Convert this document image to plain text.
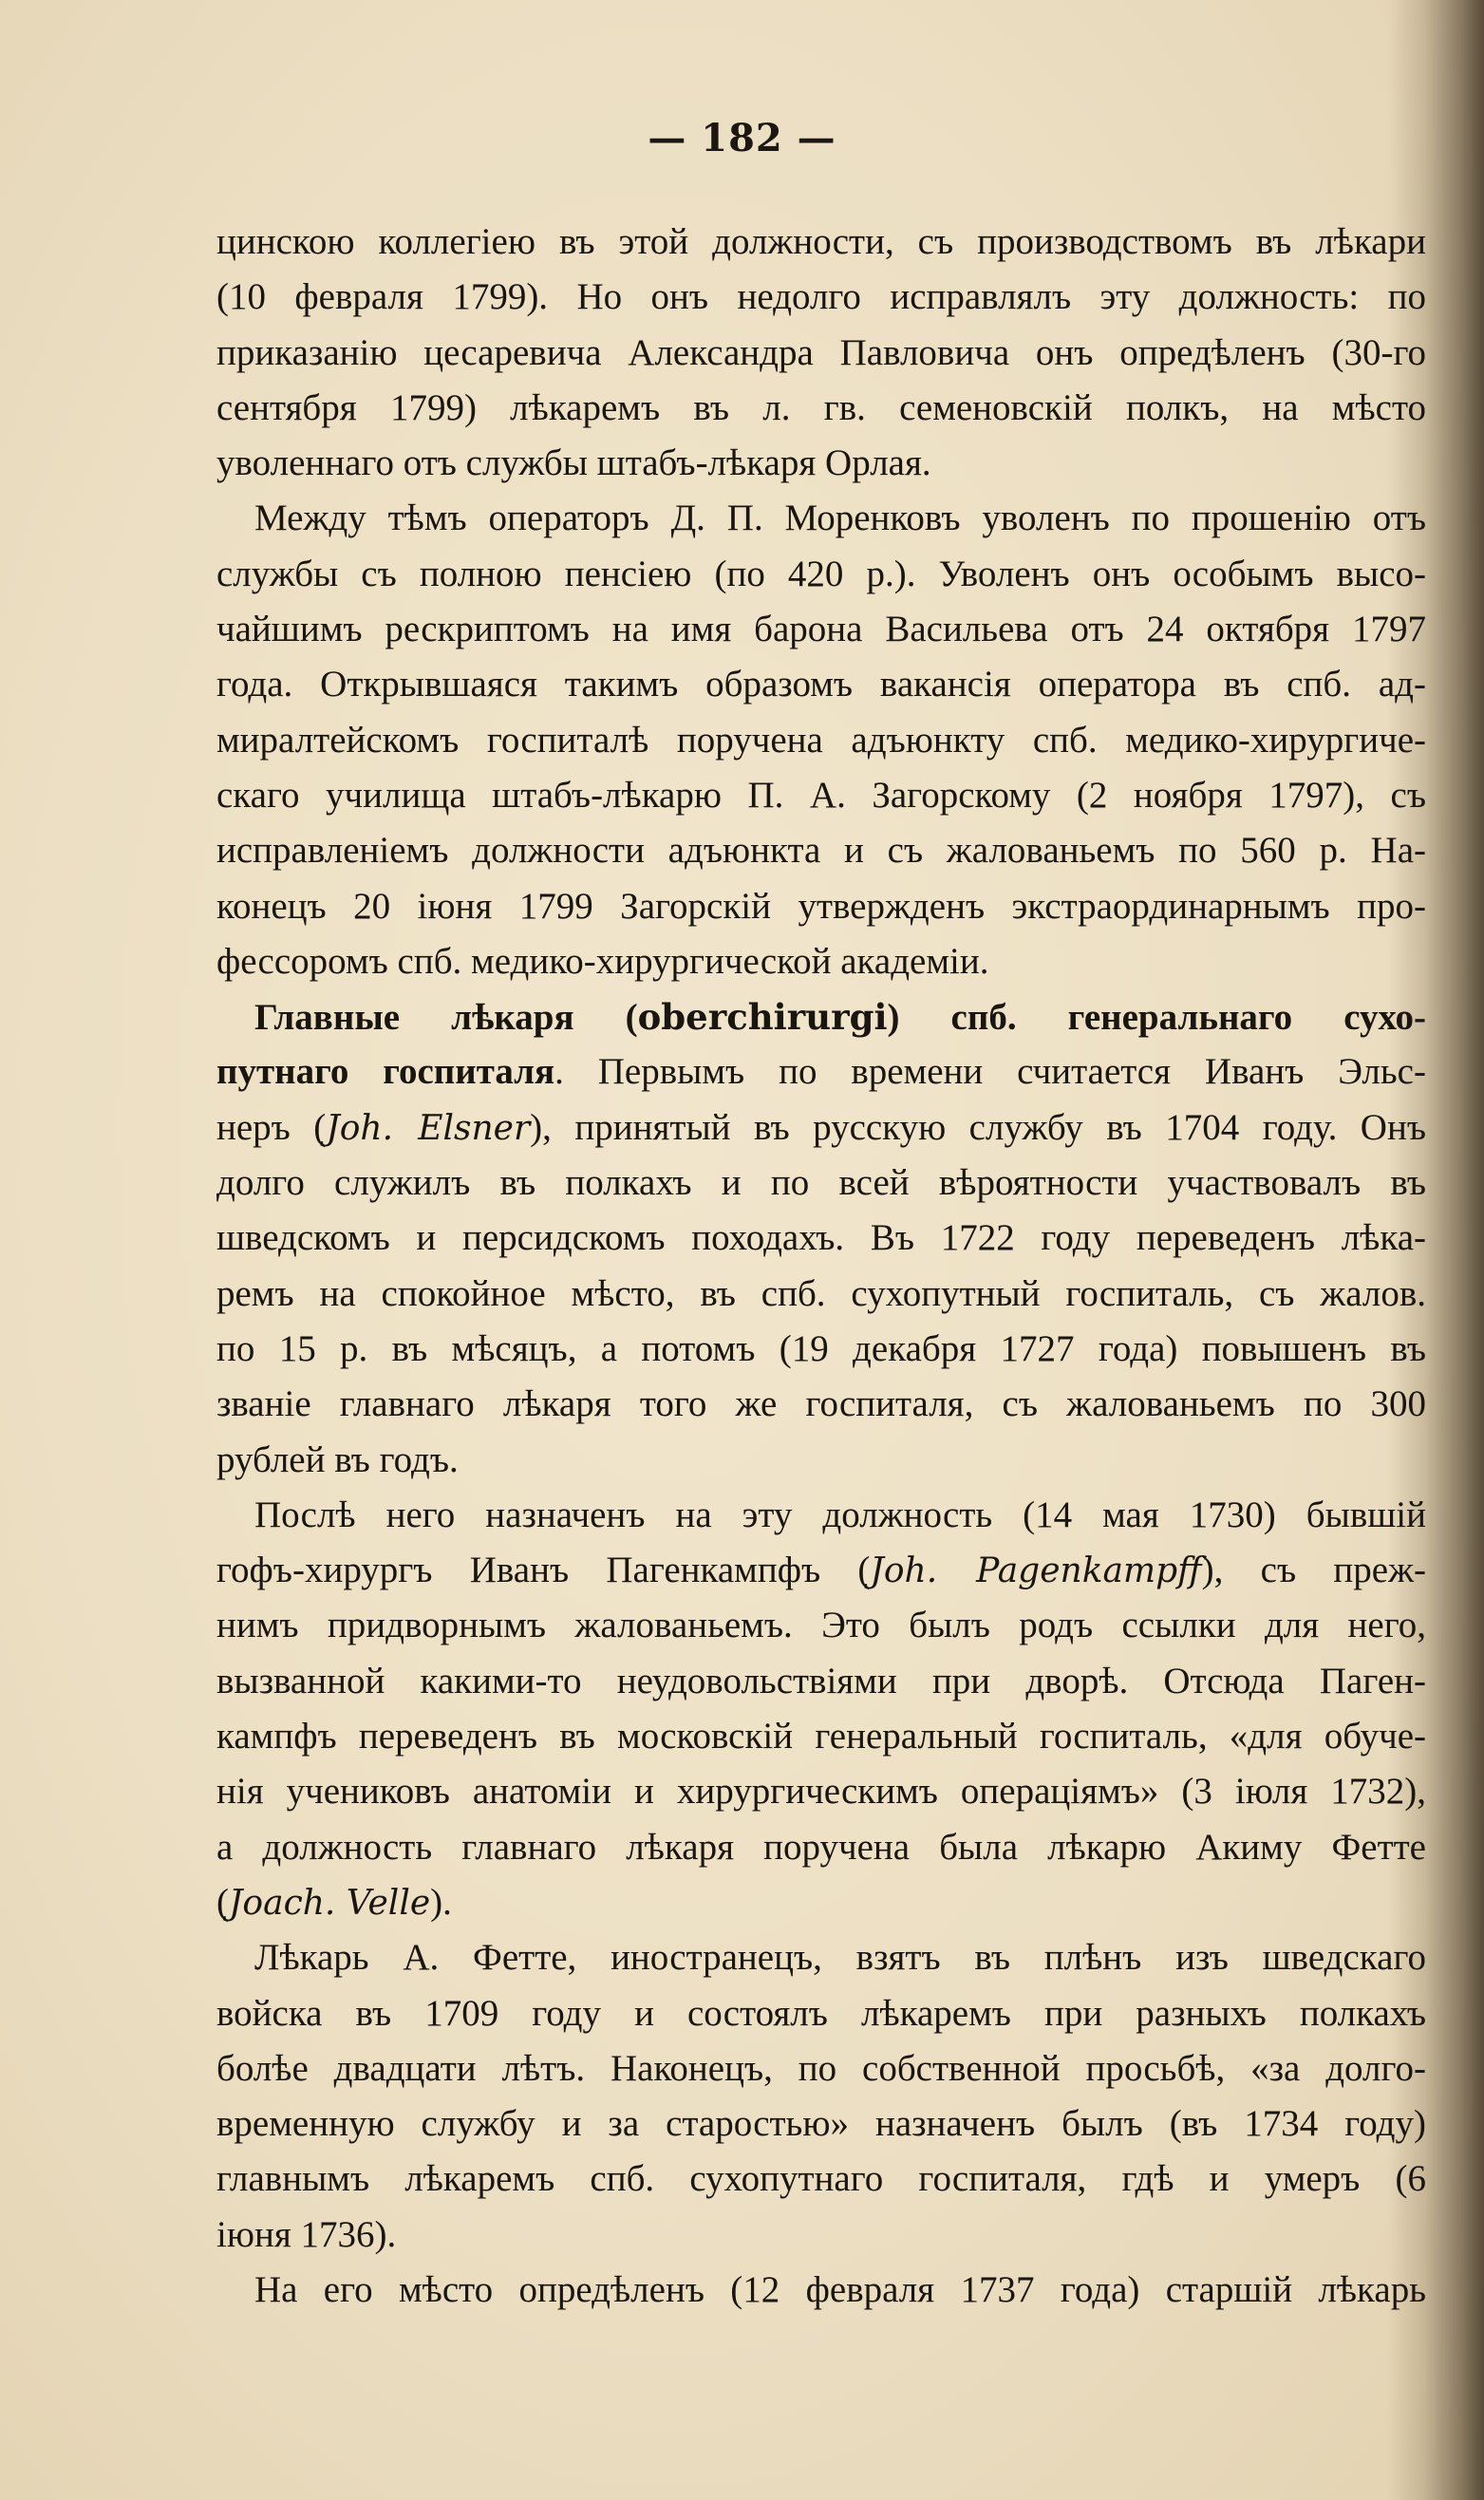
— 182 —
цинскою коллегіею въ этой должности, съ производствомъ въ лѣкари
(10 февраля 1799). Но онъ недолго исправлялъ эту должность: по
приказанію цесаревича Александра Павловича онъ опредѣленъ (30-го
сентября 1799) лѣкаремъ въ л. гв. семеновскій полкъ, на мѣсто
уволеннаго отъ службы штабъ-лѣкаря Орлая.
Между тѣмъ операторъ Д. П. Моренковъ уволенъ по прошенію отъ
службы съ полною пенсіею (по 420 р.). Уволенъ онъ особымъ высо-
чайшимъ рескриптомъ на имя барона Васильева отъ 24 октября 1797
года. Открывшаяся такимъ образомъ вакансія оператора въ спб. ад-
миралтейскомъ госпиталѣ поручена адъюнкту спб. медико-хирургиче-
скаго училища штабъ-лѣкарю П. А. Загорскому (2 ноября 1797), съ
исправленіемъ должности адъюнкта и съ жалованьемъ по 560 р. На-
конецъ 20 іюня 1799 Загорскій утвержденъ экстраординарнымъ про-
фессоромъ спб. медико-хирургической академіи.
Главные лѣкаря (oberchirurgi) спб. генеральнаго сухо-
путнаго госпиталя. Первымъ по времени считается Иванъ Эльс-
неръ (Joh. Elsner), принятый въ русскую службу въ 1704 году. Онъ
долго служилъ въ полкахъ и по всей вѣроятности участвовалъ въ
шведскомъ и персидскомъ походахъ. Въ 1722 году переведенъ лѣка-
ремъ на спокойное мѣсто, въ спб. сухопутный госпиталь, съ жалов.
по 15 р. въ мѣсяцъ, а потомъ (19 декабря 1727 года) повышенъ въ
званіе главнаго лѣкаря того же госпиталя, съ жалованьемъ по 300
рублей въ годъ.
Послѣ него назначенъ на эту должность (14 мая 1730) бывшій
гофъ-хирургъ Иванъ Пагенкампфъ (Joh. Pagenkampff), съ преж-
нимъ придворнымъ жалованьемъ. Это былъ родъ ссылки для него,
вызванной какими-то неудовольствіями при дворѣ. Отсюда Паген-
кампфъ переведенъ въ московскій генеральный госпиталь, «для обуче-
нія учениковъ анатоміи и хирургическимъ операціямъ» (3 іюля 1732),
а должность главнаго лѣкаря поручена была лѣкарю Акиму Фетте
(Joach. Velle).
Лѣкарь А. Фетте, иностранецъ, взятъ въ плѣнъ изъ шведскаго
войска въ 1709 году и состоялъ лѣкаремъ при разныхъ полкахъ
болѣе двадцати лѣтъ. Наконецъ, по собственной просьбѣ, «за долго-
временную службу и за старостью» назначенъ былъ (въ 1734 году)
главнымъ лѣкаремъ спб. сухопутнаго госпиталя, гдѣ и умеръ (6
іюня 1736).
На его мѣсто опредѣленъ (12 февраля 1737 года) старшій лѣкарь
